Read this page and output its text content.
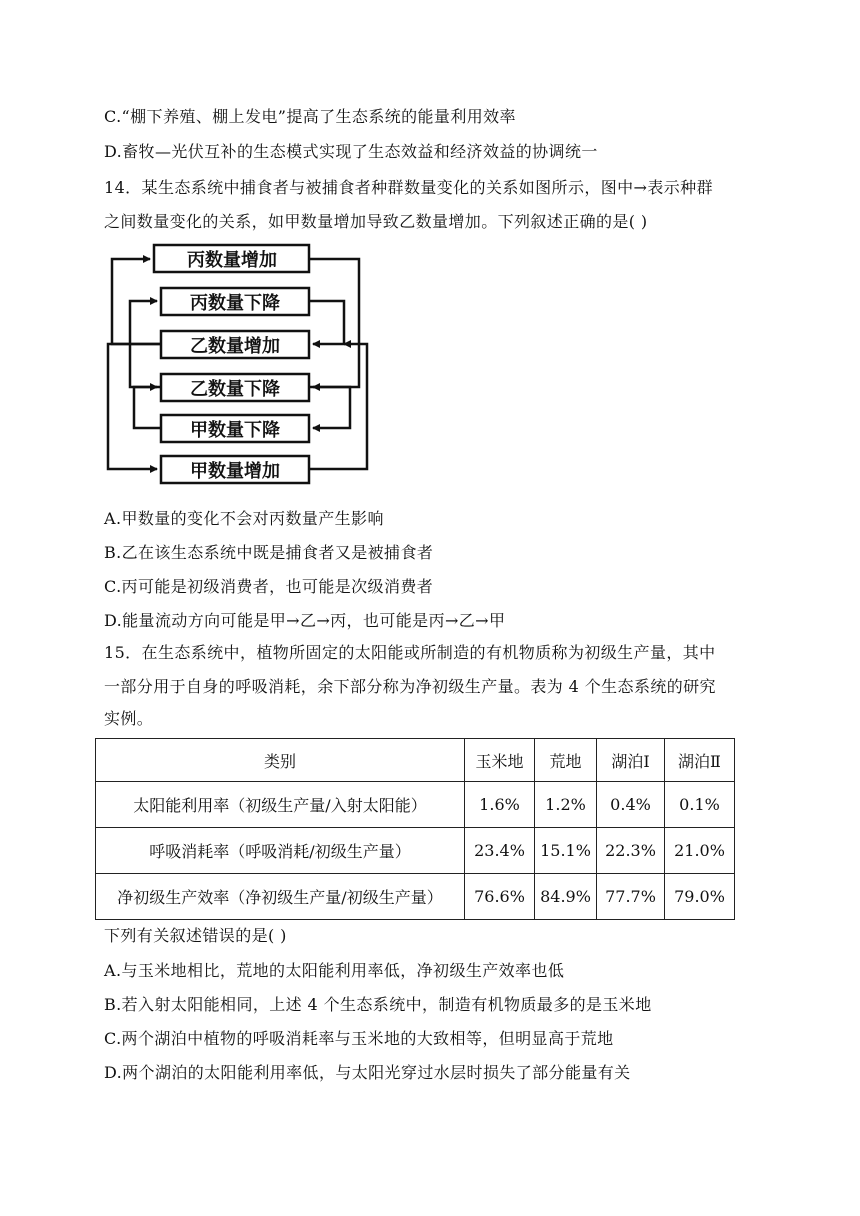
C.“棚下养殖、棚上发电”提高了生态系统的能量利用效率
D.畜牧—光伏互补的生态模式实现了生态效益和经济效益的协调统一
14．某生态系统中捕食者与被捕食者种群数量变化的关系如图所示，图中→表示种群
之间数量变化的关系，如甲数量增加导致乙数量增加。下列叙述正确的是( )
丙数量增加
丙数量下降
乙数量增加
乙数量下降
甲数量下降
甲数量增加
A.甲数量的变化不会对丙数量产生影响
B.乙在该生态系统中既是捕食者又是被捕食者
C.丙可能是初级消费者，也可能是次级消费者
D.能量流动方向可能是甲→乙→丙，也可能是丙→乙→甲
15．在生态系统中，植物所固定的太阳能或所制造的有机物质称为初级生产量，其中
一部分用于自身的呼吸消耗，余下部分称为净初级生产量。表为 4 个生态系统的研究
实例。
类别	玉米地	荒地	湖泊Ⅰ	湖泊Ⅱ
太阳能利用率（初级生产量/入射太阳能）	1.6%	1.2%	0.4%	0.1%
呼吸消耗率（呼吸消耗/初级生产量）	23.4%	15.1%	22.3%	21.0%
净初级生产效率（净初级生产量/初级生产量）	76.6%	84.9%	77.7%	79.0%
下列有关叙述错误的是( )
A.与玉米地相比，荒地的太阳能利用率低，净初级生产效率也低
B.若入射太阳能相同，上述 4 个生态系统中，制造有机物质最多的是玉米地
C.两个湖泊中植物的呼吸消耗率与玉米地的大致相等，但明显高于荒地
D.两个湖泊的太阳能利用率低，与太阳光穿过水层时损失了部分能量有关
